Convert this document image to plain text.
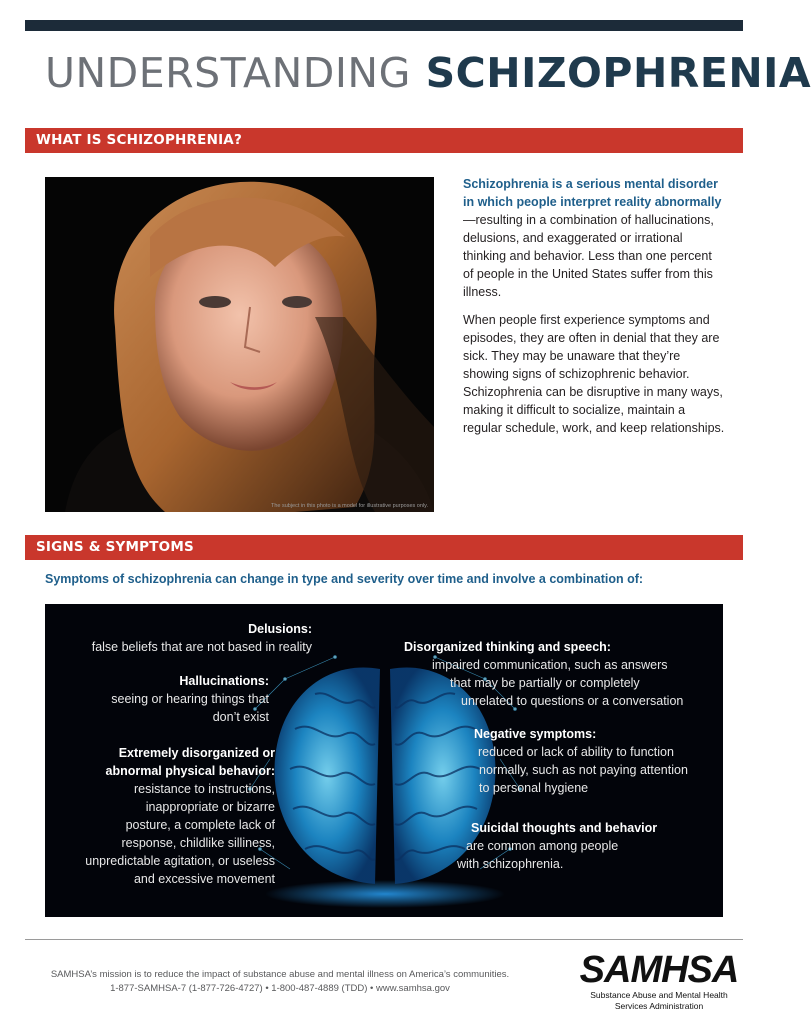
UNDERSTANDING SCHIZOPHRENIA
WHAT IS SCHIZOPHRENIA?
The subject in this photo is a model for illustrative purposes only.

Schizophrenia is a serious mental disorder in which people interpret reality abnormally—resulting in a combination of hallucinations, delusions, and exaggerated or irrational thinking and behavior. Less than one percent of people in the United States suffer from this illness.

When people first experience symptoms and episodes, they are often in denial that they are sick. They may be unaware that they’re showing signs of schizophrenic behavior. Schizophrenia can be disruptive in many ways, making it difficult to socialize, maintain a regular schedule, work, and keep relationships.

SIGNS & SYMPTOMS
Symptoms of schizophrenia can change in type and severity over time and involve a combination of:
Delusions:
false beliefs that are not based in reality
Hallucinations:
seeing or hearing things that
don’t exist
Extremely disorganized or
abnormal physical behavior:
resistance to instructions,
inappropriate or bizarre
posture, a complete lack of
response, childlike silliness,
unpredictable agitation, or useless
and excessive movement
Disorganized thinking and speech:
impaired communication, such as answers
that may be partially or completely
unrelated to questions or a conversation
Negative symptoms:
reduced or lack of ability to function
normally, such as not paying attention
to personal hygiene
Suicidal thoughts and behavior
are common among people
with schizophrenia.
SAMHSA’s mission is to reduce the impact of substance abuse and mental illness on America’s communities.
1-877-SAMHSA-7 (1-877-726-4727) • 1-800-487-4889 (TDD) • www.samhsa.gov	SAMHSA
Substance Abuse and Mental Health
Services Administration
